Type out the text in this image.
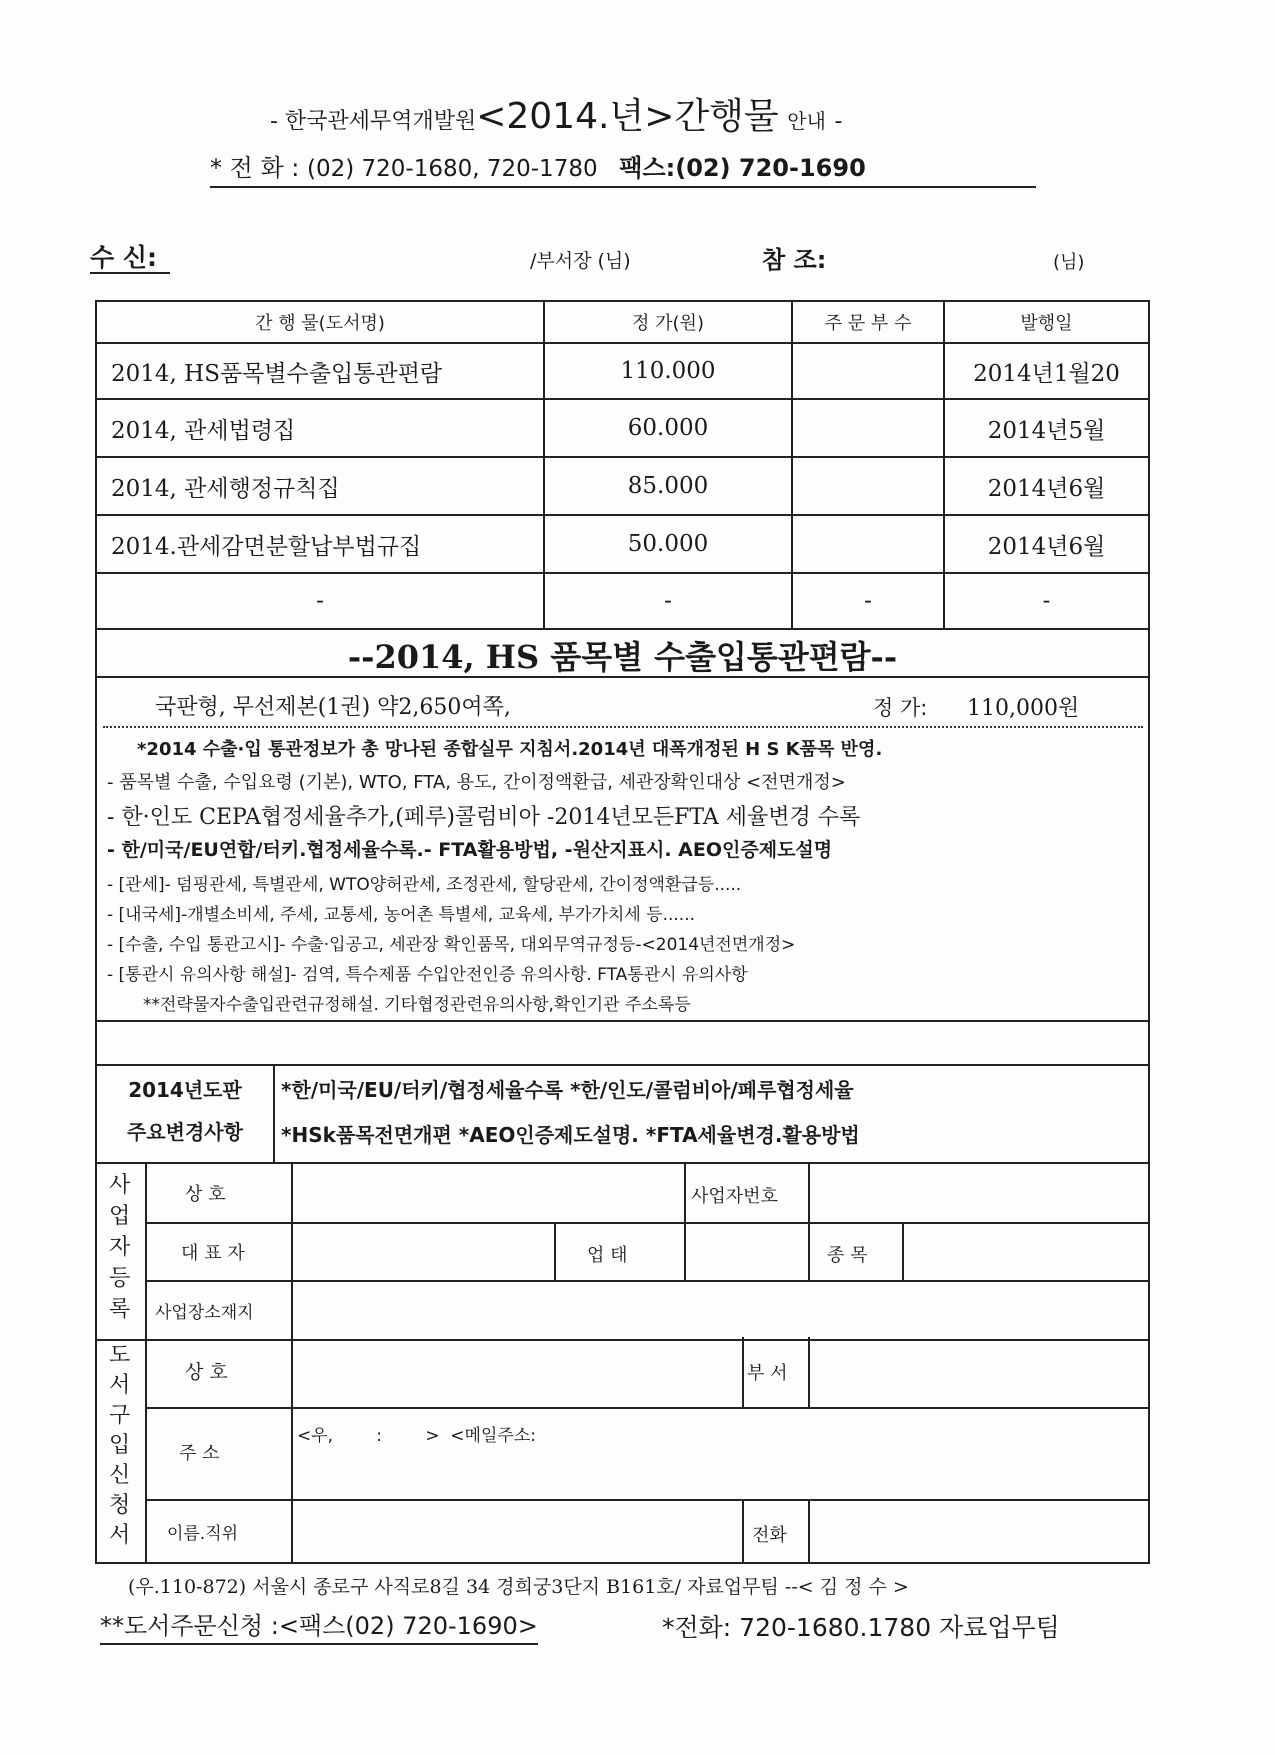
- 한국관세무역개발원<2014.년>간행물 안내 -
* 전 화 : (02) 720-1680, 720-1780 팩스:(02) 720-1690
수 신:	/부서장 (님)	참 조:	(님)
간 행 물(도서명)	정 가(원)	주 문 부 수	발행일
2014, HS품목별수출입통관편람	110.000		2014년1월20
2014, 관세법령집	60.000		2014년5월
2014, 관세행정규칙집	85.000		2014년6월
2014.관세감면분할납부법규집	50.000		2014년6월
-	-	-	-
--2014, HS 품목별 수출입통관편람--
국판형, 무선제본(1권) 약2,650여쪽,	정 가: 110,000원
*2014 수출·입 통관정보가 총 망나된 종합실무 지침서.2014년 대폭개정된 H S K품목 반영.
- 품목별 수출, 수입요령 (기본), WTO, FTA, 용도, 간이정액환급, 세관장확인대상 <전면개정>
- 한·인도 CEPA협정세율추가,(페루)콜럼비아 -2014년모든FTA 세율변경 수록
- 한/미국/EU연합/터키.협정세율수록.- FTA활용방법, -원산지표시. AEO인증제도설명
- [관세]- 덤핑관세, 특별관세, WTO양허관세, 조정관세, 할당관세, 간이정액환급등.....
- [내국세]-개별소비세, 주세, 교통세, 농어촌 특별세, 교육세, 부가가치세 등......
- [수출, 수입 통관고시]- 수출·입공고, 세관장 확인품목, 대외무역규정등-<2014년전면개정>
- [통관시 유의사항 해설]- 검역, 특수제품 수입안전인증 유의사항. FTA통관시 유의사항
**전략물자수출입관련규정해설. 기타협정관련유의사항,확인기관 주소록등
2014년도판
주요변경사항
*한/미국/EU/터키/협정세율수록 *한/인도/콜럼비아/페루협정세율
*HSk품목전면개편 *AEO인증제도설명. *FTA세율변경.활용방법
사업자등록
상 호	사업자번호
대 표 자	업 태	종 목
사업장소재지
도서구입신청서
상 호	부 서
주 소
<우,        :        >  <메일주소:
이름.직위	전화
(우.110-872) 서울시 종로구 사직로8길 34 경희궁3단지 B161호/ 자료업무팀 --< 김 정 수 >
**도서주문신청 :<팩스(02) 720-1690>	*전화: 720-1680.1780 자료업무팀
